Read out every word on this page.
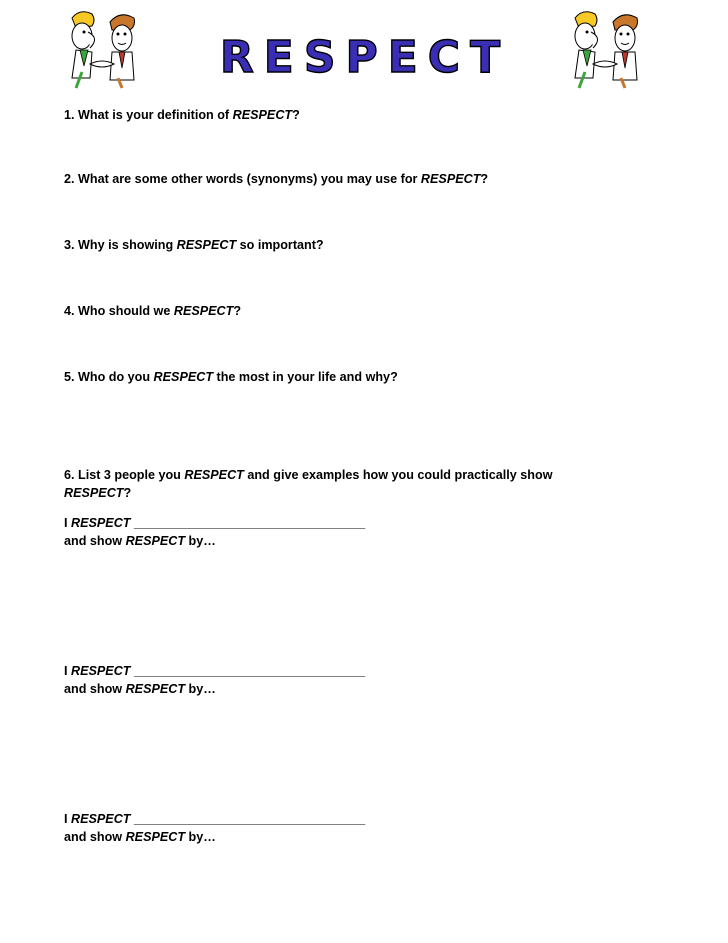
RESPECT
1. What is your definition of RESPECT?
2. What are some other words (synonyms) you may use for RESPECT?
3. Why is showing RESPECT so important?
4. Who should we RESPECT?
5. Who do you RESPECT the most in your life and why?
6. List 3 people you RESPECT and give examples how you could practically show
RESPECT?
I RESPECT _________________________________
and show RESPECT by…
I RESPECT _________________________________
and show RESPECT by…
I RESPECT _________________________________
and show RESPECT by…
